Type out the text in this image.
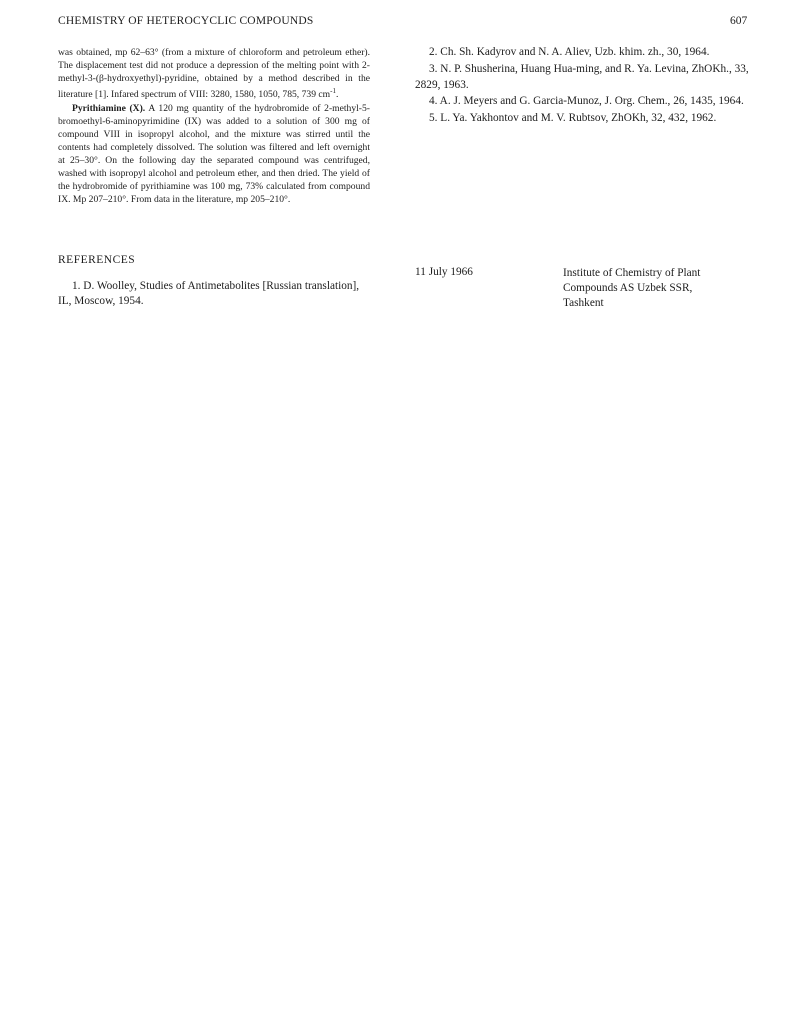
CHEMISTRY OF HETEROCYCLIC COMPOUNDS	607

was obtained, mp 62–63° (from a mixture of chloroform and petroleum ether). The displacement test did not produce a depression of the melting point with 2-methyl-3-(β-hydroxyethyl)-pyridine, obtained by a method described in the literature [1]. Infared spectrum of VIII: 3280, 1580, 1050, 785, 739 $cm^{-1}$.

Pyrithiamine (X). A 120 mg quantity of the hydrobromide of 2-methyl-5-bromoethyl-6-aminopyrimidine (IX) was added to a solution of 300 mg of compound VIII in isopropyl alcohol, and the mixture was stirred until the contents had completely dissolved. The solution was filtered and left overnight at 25–30°. On the following day the separated compound was centrifuged, washed with isopropyl alcohol and petroleum ether, and then dried. The yield of the hydrobromide of pyrithiamine was 100 mg, 73% calculated from compound IX. Mp 207–210°. From data in the literature, mp 205–210°.

REFERENCES

1. D. Woolley, Studies of Antimetabolites [Russian translation], IL, Moscow, 1954.

2. Ch. Sh. Kadyrov and N. A. Aliev, Uzb. khim. zh., 30, 1964.

3. N. P. Shusherina, Huang Hua-ming, and R. Ya. Levina, ZhOKh., 33, 2829, 1963.

4. A. J. Meyers and G. Garcia-Munoz, J. Org. Chem., 26, 1435, 1964.

5. L. Ya. Yakhontov and M. V. Rubtsov, ZhOKh, 32, 432, 1962.

11 July 1966	Institute of Chemistry of Plant
Compounds AS Uzbek SSR,
Tashkent
